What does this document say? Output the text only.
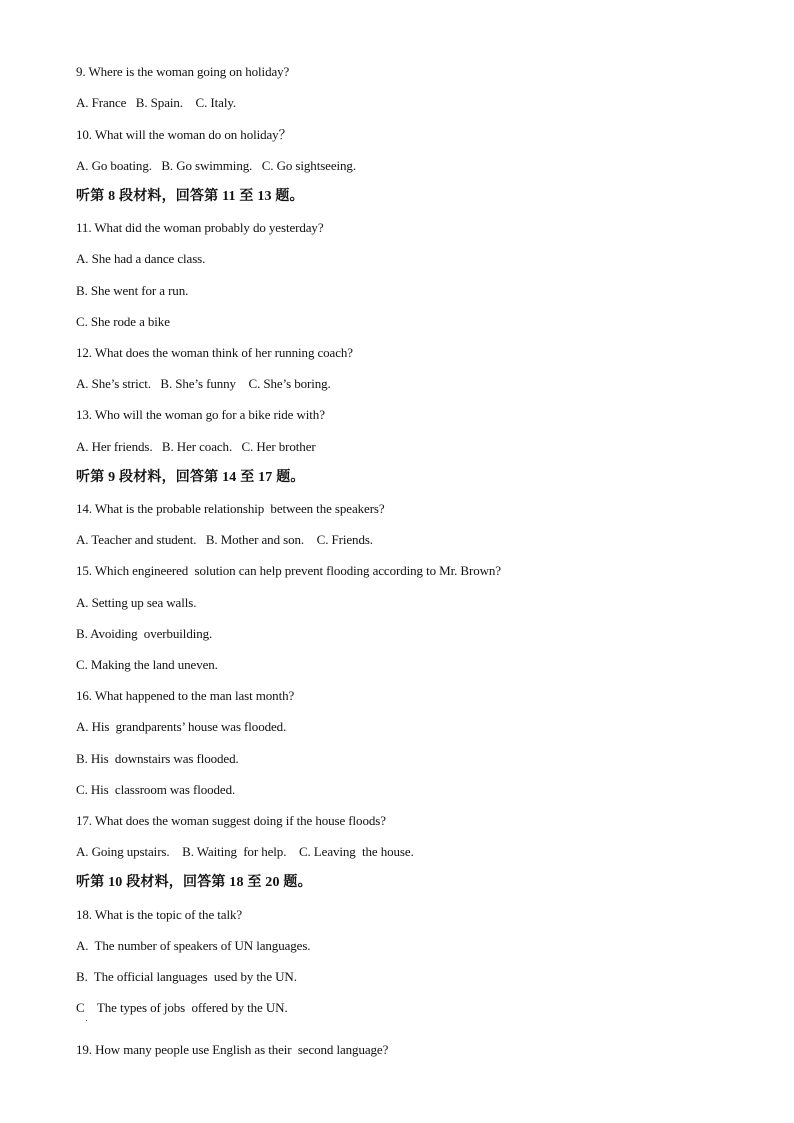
9. Where is the woman going on holiday?
A. France   B. Spain.    C. Italy.
10. What will the woman do on holiday？
A. Go boating.   B. Go swimming.   C. Go sightseeing.
听第 8 段材料，回答第 11 至 13 题。
11. What did the woman probably do yesterday?
A. She had a dance class.
B. She went for a run.
C. She rode a bike
12. What does the woman think of her running coach?
A. She’s strict.   B. She’s funny    C. She’s boring.
13. Who will the woman go for a bike ride with?
A. Her friends.   B. Her coach.   C. Her brother
听第 9 段材料，回答第 14 至 17 题。
14. What is the probable relationship  between the speakers?
A. Teacher and student.   B. Mother and son.    C. Friends.
15. Which engineered  solution can help prevent flooding according to Mr. Brown?
A. Setting up sea walls.
B. Avoiding  overbuilding.
C. Making the land uneven.
16. What happened to the man last month?
A. His  grandparents’ house was flooded.
B. His  downstairs was flooded.
C. His  classroom was flooded.
17. What does the woman suggest doing if the house floods?
A. Going upstairs.    B. Waiting  for help.    C. Leaving  the house.
听第 10 段材料，回答第 18 至 20 题。
18. What is the topic of the talk?
A.  The number of speakers of UN languages.
B.  The official languages  used by the UN.
C    The types of jobs  offered by the UN.
19. How many people use English as their  second language?
